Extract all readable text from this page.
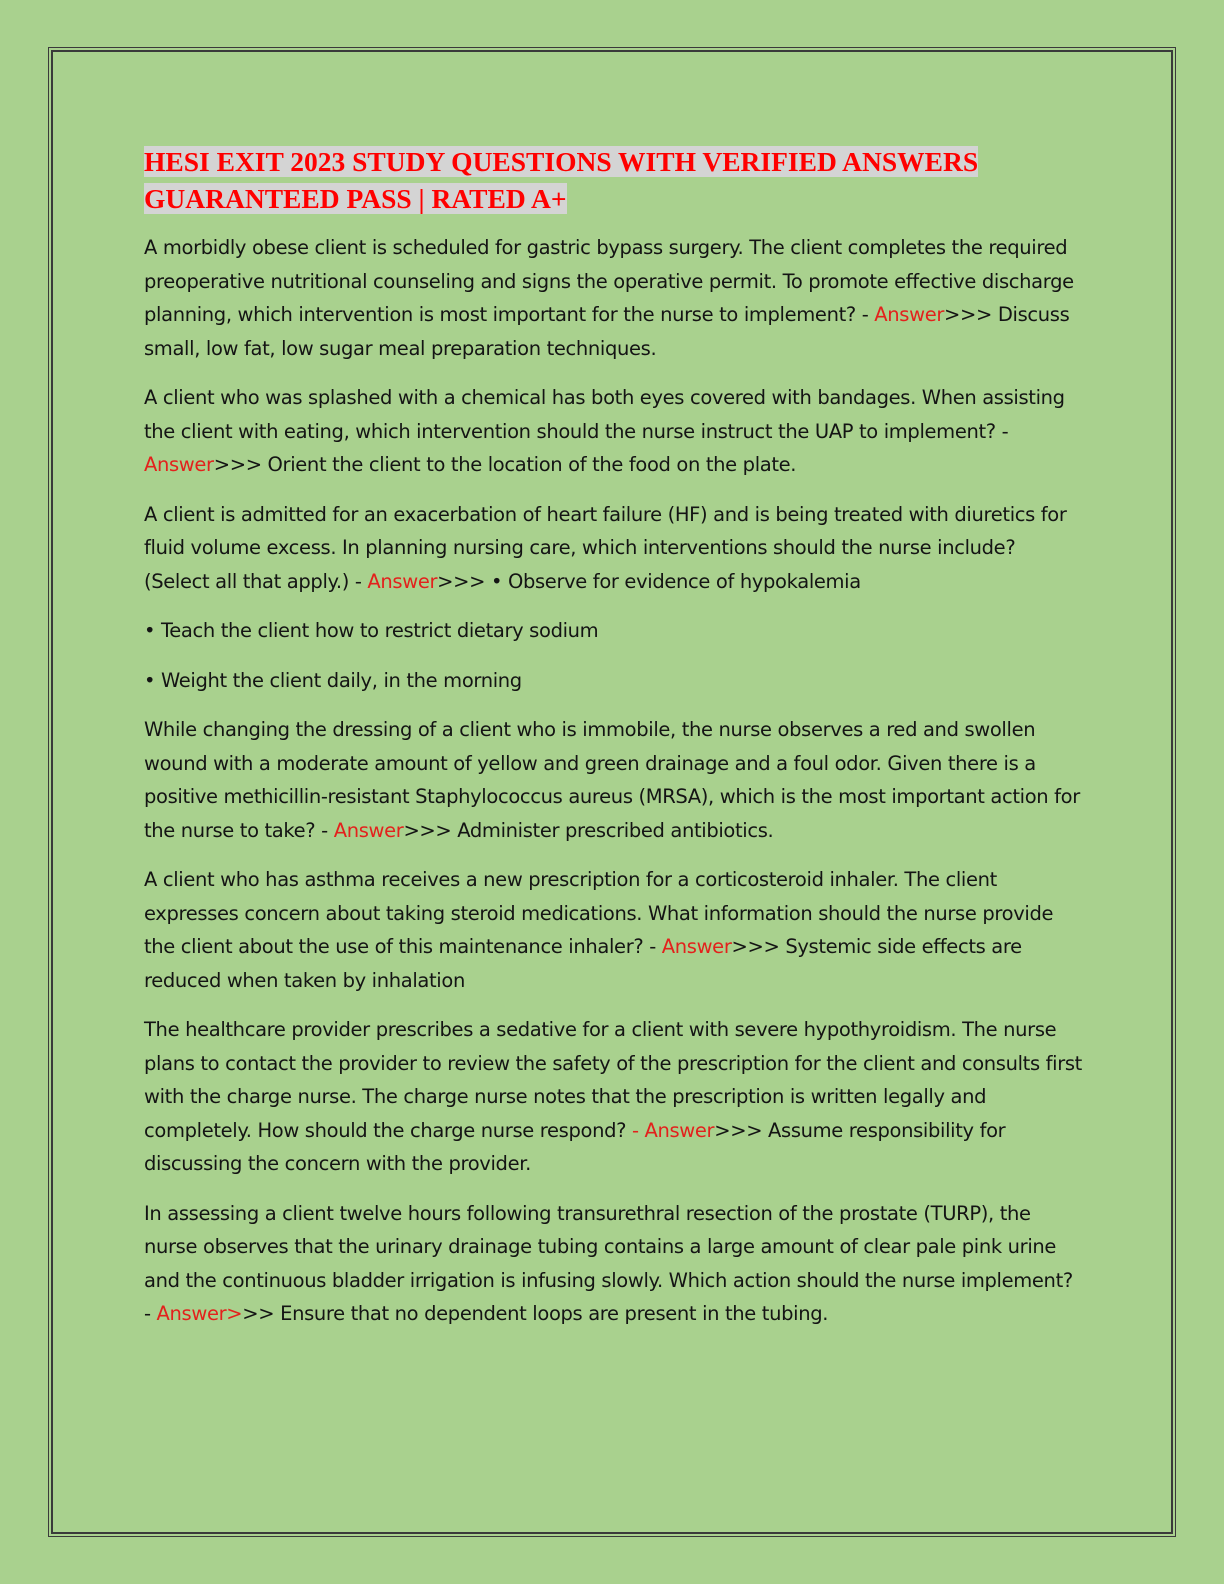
HESI EXIT 2023 STUDY QUESTIONS WITH VERIFIED ANSWERS
GUARANTEED PASS | RATED A+

A morbidly obese client is scheduled for gastric bypass surgery. The client completes the required preoperative nutritional counseling and signs the operative permit. To promote effective discharge planning, which intervention is most important for the nurse to implement? - Answer>>> Discuss small, low fat, low sugar meal preparation techniques.

A client who was splashed with a chemical has both eyes covered with bandages. When assisting the client with eating, which intervention should the nurse instruct the UAP to implement? - Answer>>> Orient the client to the location of the food on the plate.

A client is admitted for an exacerbation of heart failure (HF) and is being treated with diuretics for fluid volume excess. In planning nursing care, which interventions should the nurse include? (Select all that apply.) - Answer>>> • Observe for evidence of hypokalemia

• Teach the client how to restrict dietary sodium

• Weight the client daily, in the morning

While changing the dressing of a client who is immobile, the nurse observes a red and swollen wound with a moderate amount of yellow and green drainage and a foul odor. Given there is a positive methicillin-resistant Staphylococcus aureus (MRSA), which is the most important action for the nurse to take? - Answer>>> Administer prescribed antibiotics.

A client who has asthma receives a new prescription for a corticosteroid inhaler. The client expresses concern about taking steroid medications. What information should the nurse provide the client about the use of this maintenance inhaler? - Answer>>> Systemic side effects are reduced when taken by inhalation

The healthcare provider prescribes a sedative for a client with severe hypothyroidism. The nurse plans to contact the provider to review the safety of the prescription for the client and consults first with the charge nurse. The charge nurse notes that the prescription is written legally and completely. How should the charge nurse respond? - Answer>>> Assume responsibility for discussing the concern with the provider.

In assessing a client twelve hours following transurethral resection of the prostate (TURP), the nurse observes that the urinary drainage tubing contains a large amount of clear pale pink urine and the continuous bladder irrigation is infusing slowly. Which action should the nurse implement? - Answer>>> Ensure that no dependent loops are present in the tubing.
